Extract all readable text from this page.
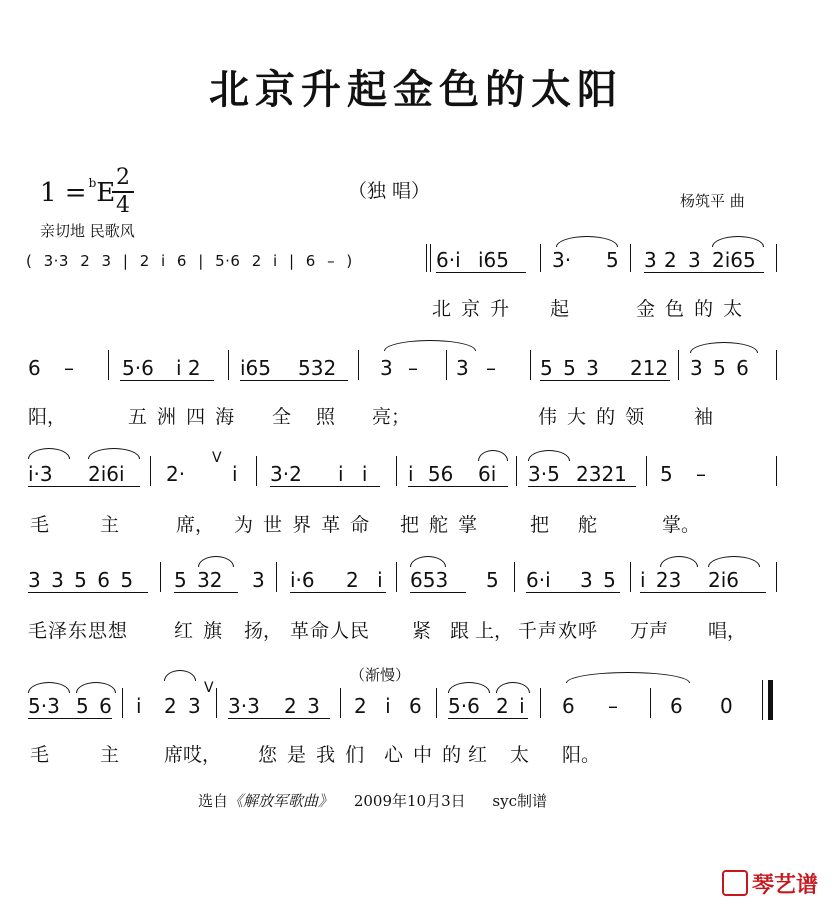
北京升起金色的太阳
1 = $^b$E
2
4
（独 唱）	杨筑平 曲
亲切地 民歌风
( 3·3 2 3 | 2 i 6 | 5·6 2 i | 6 – )	6·i i65 3· 5 3 2 3 2i65
北 京 升 起	金 色 的 太
6 – 5·6 i 2 i65 532 3 – 3 – 5 5 3 212 3 5 6
阳，	五 洲 四 海 全 照 亮；	伟 大 的 领	袖
i·3 2i6i 2·
V
i 3·2 i i i 56 6i 3·5 2321 5 –
毛	主	席， 为 世 界 革 命 把 舵 掌	把 舵	掌。
3 3 5 6 5 5 32 3 i·6 2 i 653 5 6·i 3 5 i 23 2i6
毛泽东思想 红 旗 扬， 革命人民 紧 跟 上， 千声欢呼 万声 唱，
（渐慢）
5·3 5 6 i 2 3
V
3·3 2 3 2 i 6 5·6 2 i 6 –	6 0
毛	主 席哎， 您 是 我 们 心 中 的 红 太 阳。
选自《解放军歌曲》 2009年10月3日 syc制谱
琴艺谱
